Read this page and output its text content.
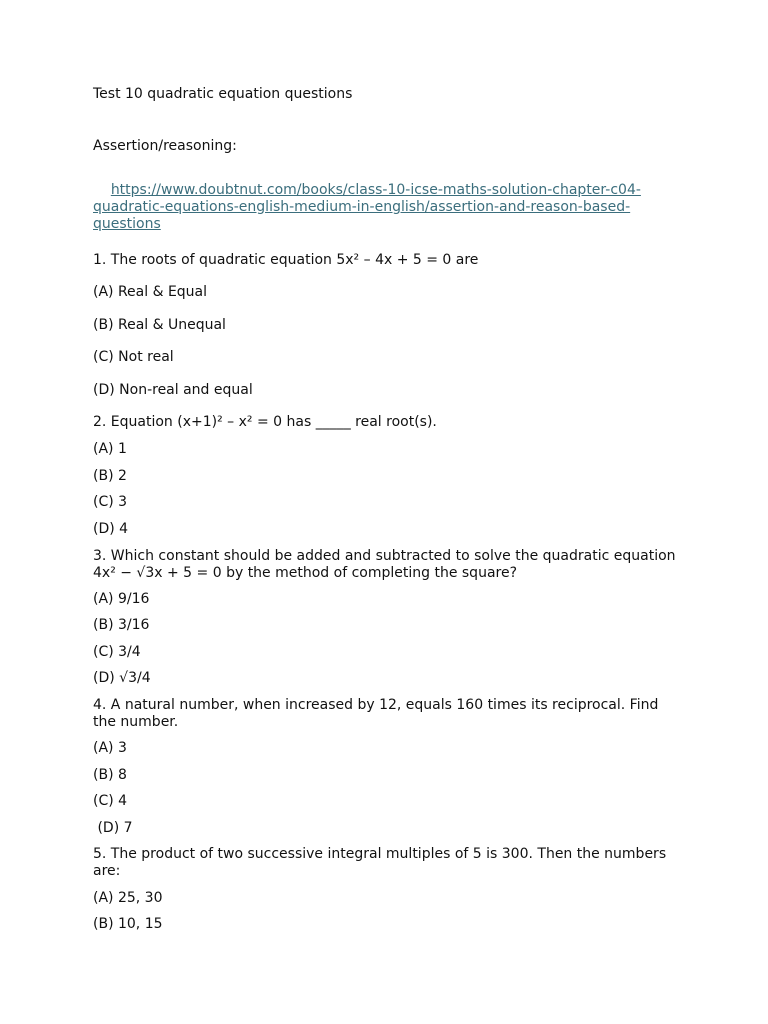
Test 10 quadratic equation questions
Assertion/reasoning:

https://www.doubtnut.com/books/class-10-icse-maths-solution-chapter-c04-quadratic-equations-english-medium-in-english/assertion-and-reason-based-questions

1. The roots of quadratic equation 5x² – 4x + 5 = 0 are
(A) Real & Equal
(B) Real & Unequal
(C) Not real
(D) Non-real and equal
2. Equation (x+1)² – x² = 0 has _____ real root(s).
(A) 1
(B) 2
(C) 3
(D) 4
3. Which constant should be added and subtracted to solve the quadratic equation 4x² − √3x + 5 = 0 by the method of completing the square?
(A) 9/16
(B) 3/16
(C) 3/4
(D) √3/4
4. A natural number, when increased by 12, equals 160 times its reciprocal. Find the number.
(A) 3
(B) 8
(C) 4
(D) 7
5. The product of two successive integral multiples of 5 is 300. Then the numbers are:
(A) 25, 30
(B) 10, 15
